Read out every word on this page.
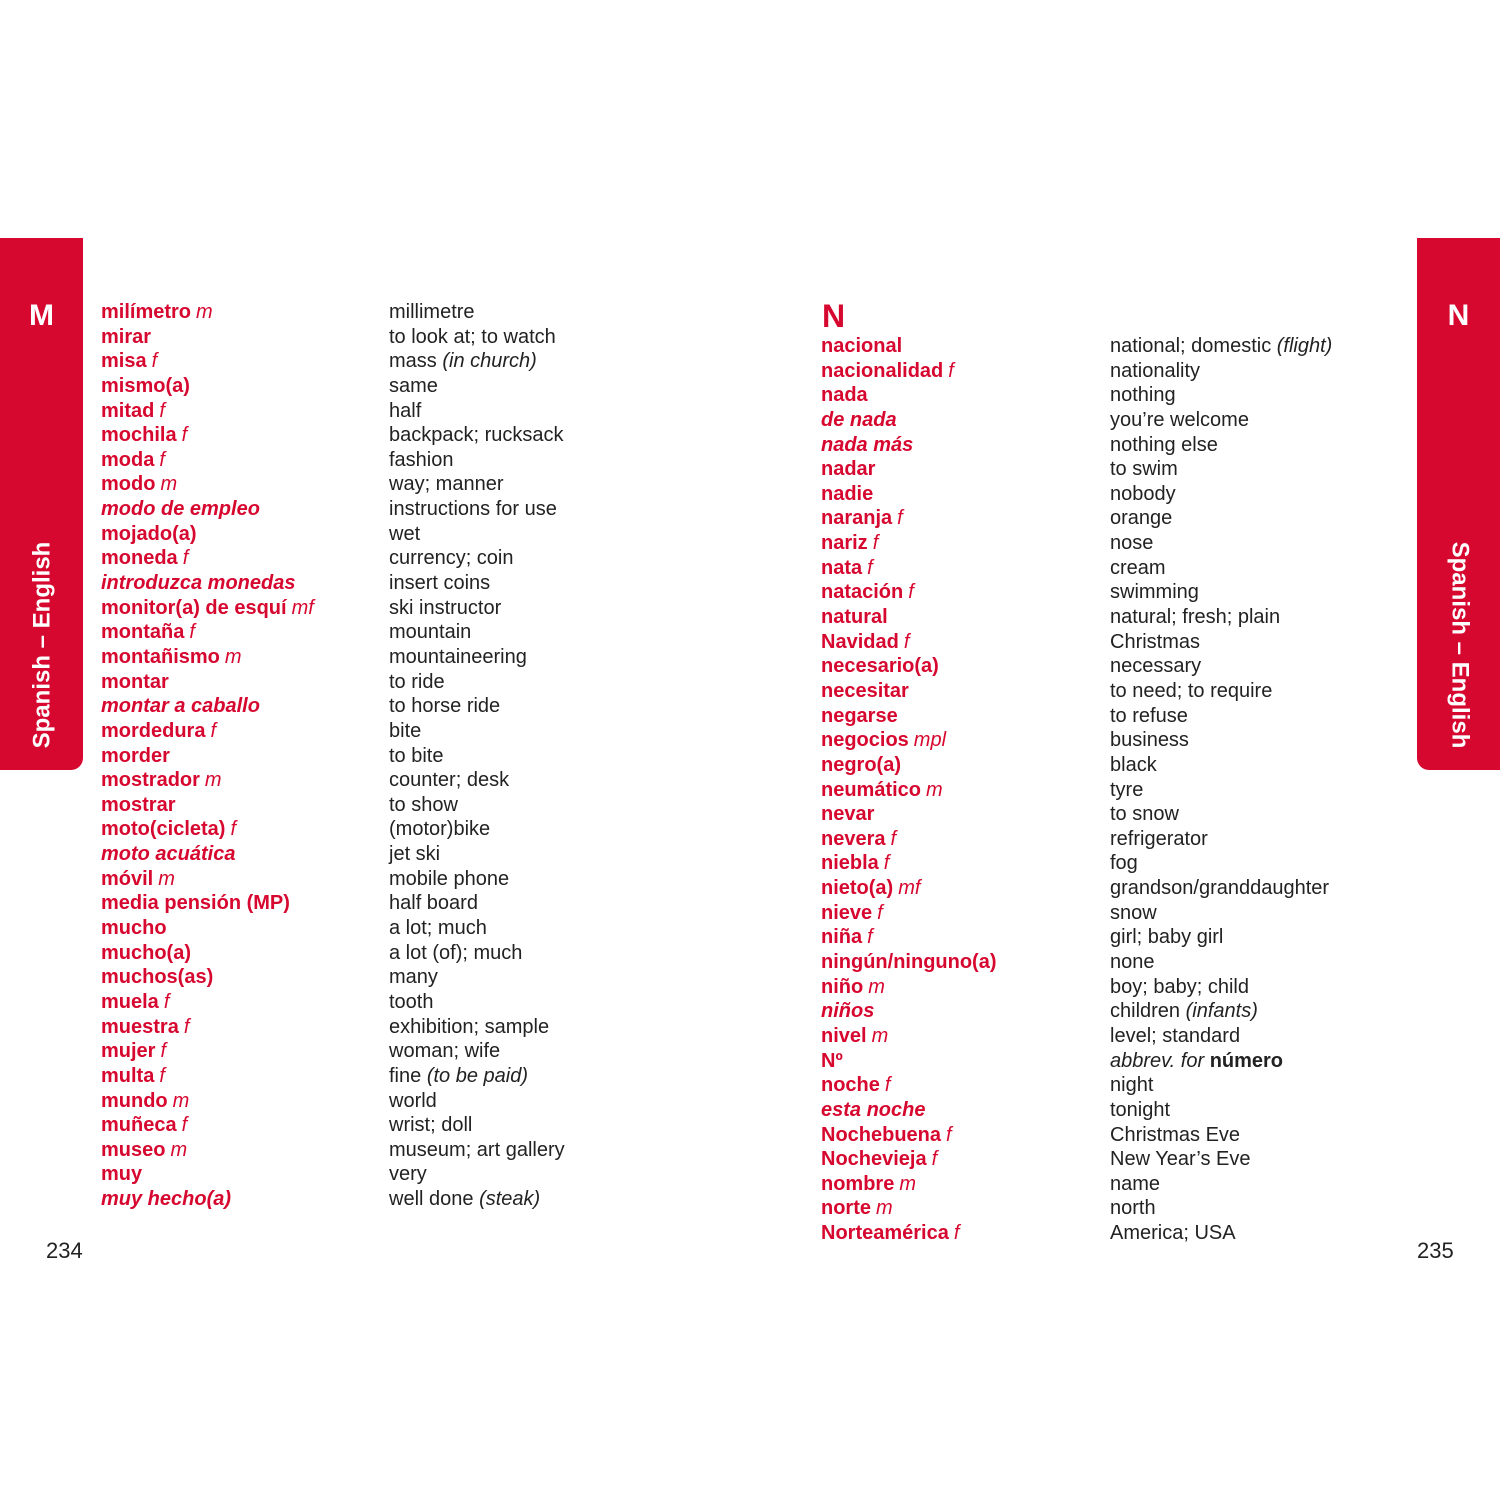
M
Spanish – English
N
Spanish – English
milímetro m
mirar
misa f
mismo(a)
mitad f
mochila f
moda f
modo m
modo de empleo
mojado(a)
moneda f
introduzca monedas
monitor(a) de esquí mf
montaña f
montañismo m
montar
montar a caballo
mordedura f
morder
mostrador m
mostrar
moto(cicleta) f
moto acuática
móvil m
media pensión (MP)
mucho
mucho(a)
muchos(as)
muela f
muestra f
mujer f
multa f
mundo m
muñeca f
museo m
muy
muy hecho(a)
millimetre
to look at; to watch
mass (in church)
same
half
backpack; rucksack
fashion
way; manner
instructions for use
wet
currency; coin
insert coins
ski instructor
mountain
mountaineering
to ride
to horse ride
bite
to bite
counter; desk
to show
(motor)bike
jet ski
mobile phone
half board
a lot; much
a lot (of); much
many
tooth
exhibition; sample
woman; wife
fine (to be paid)
world
wrist; doll
museum; art gallery
very
well done (steak)
N
nacional
nacionalidad f
nada
de nada
nada más
nadar
nadie
naranja f
nariz f
nata f
natación f
natural
Navidad f
necesario(a)
necesitar
negarse
negocios mpl
negro(a)
neumático m
nevar
nevera f
niebla f
nieto(a) mf
nieve f
niña f
ningún/ninguno(a)
niño m
niños
nivel m
Nº
noche f
esta noche
Nochebuena f
Nochevieja f
nombre m
norte m
Norteamérica f
national; domestic (flight)
nationality
nothing
you’re welcome
nothing else
to swim
nobody
orange
nose
cream
swimming
natural; fresh; plain
Christmas
necessary
to need; to require
to refuse
business
black
tyre
to snow
refrigerator
fog
grandson/granddaughter
snow
girl; baby girl
none
boy; baby; child
children (infants)
level; standard
abbrev. for número
night
tonight
Christmas Eve
New Year’s Eve
name
north
America; USA
234	235
